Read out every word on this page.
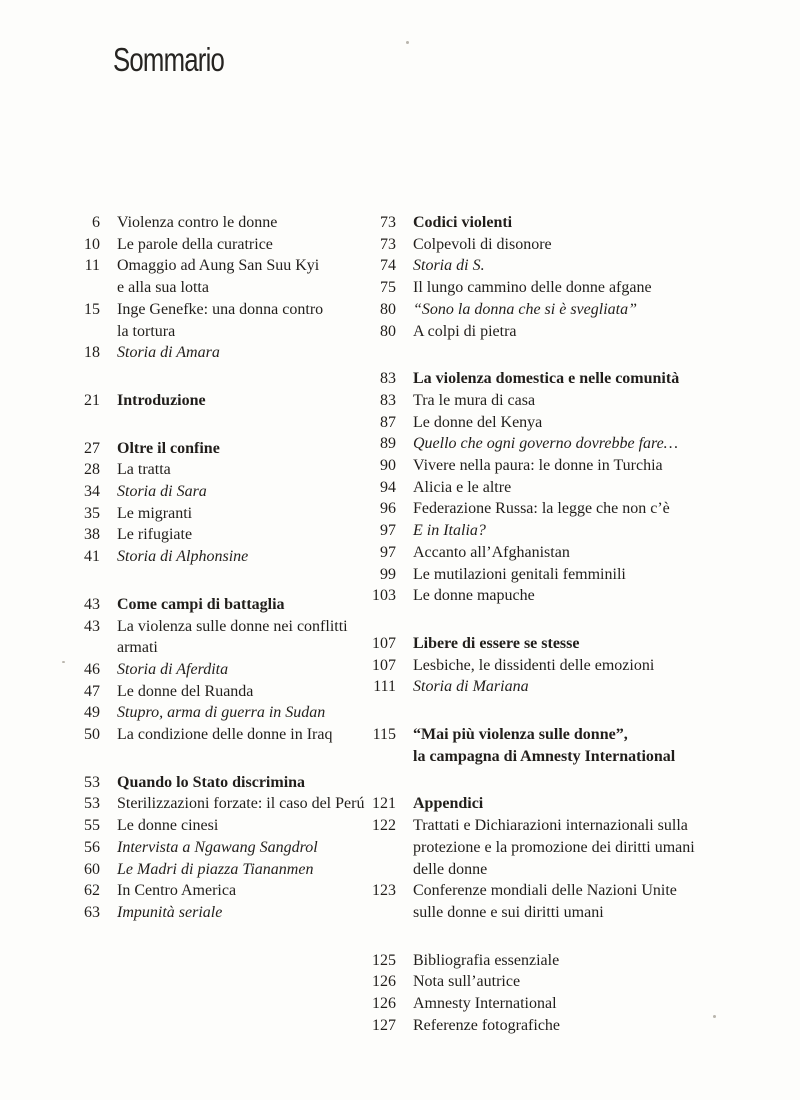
Sommario
6 Violenza contro le donne
10 Le parole della curatrice
11 Omaggio ad Aung San Suu Kyi
e alla sua lotta
15 Inge Genefke: una donna contro
la tortura
18 Storia di Amara
21 Introduzione
27 Oltre il confine
28 La tratta
34 Storia di Sara
35 Le migranti
38 Le rifugiate
41 Storia di Alphonsine
43 Come campi di battaglia
43 La violenza sulle donne nei conflitti
armati
46 Storia di Aferdita
47 Le donne del Ruanda
49 Stupro, arma di guerra in Sudan
50 La condizione delle donne in Iraq
53 Quando lo Stato discrimina
53 Sterilizzazioni forzate: il caso del Perú
55 Le donne cinesi
56 Intervista a Ngawang Sangdrol
60 Le Madri di piazza Tiananmen
62 In Centro America
63 Impunità seriale
73 Codici violenti
73 Colpevoli di disonore
74 Storia di S.
75 Il lungo cammino delle donne afgane
80 “Sono la donna che si è svegliata”
80 A colpi di pietra
83 La violenza domestica e nelle comunità
83 Tra le mura di casa
87 Le donne del Kenya
89 Quello che ogni governo dovrebbe fare…
90 Vivere nella paura: le donne in Turchia
94 Alicia e le altre
96 Federazione Russa: la legge che non c’è
97 E in Italia?
97 Accanto all’Afghanistan
99 Le mutilazioni genitali femminili
103 Le donne mapuche
107 Libere di essere se stesse
107 Lesbiche, le dissidenti delle emozioni
111 Storia di Mariana
115 “Mai più violenza sulle donne”,
la campagna di Amnesty International
121 Appendici
122 Trattati e Dichiarazioni internazionali sulla
protezione e la promozione dei diritti umani
delle donne
123 Conferenze mondiali delle Nazioni Unite
sulle donne e sui diritti umani
125 Bibliografia essenziale
126 Nota sull’autrice
126 Amnesty International
127 Referenze fotografiche
